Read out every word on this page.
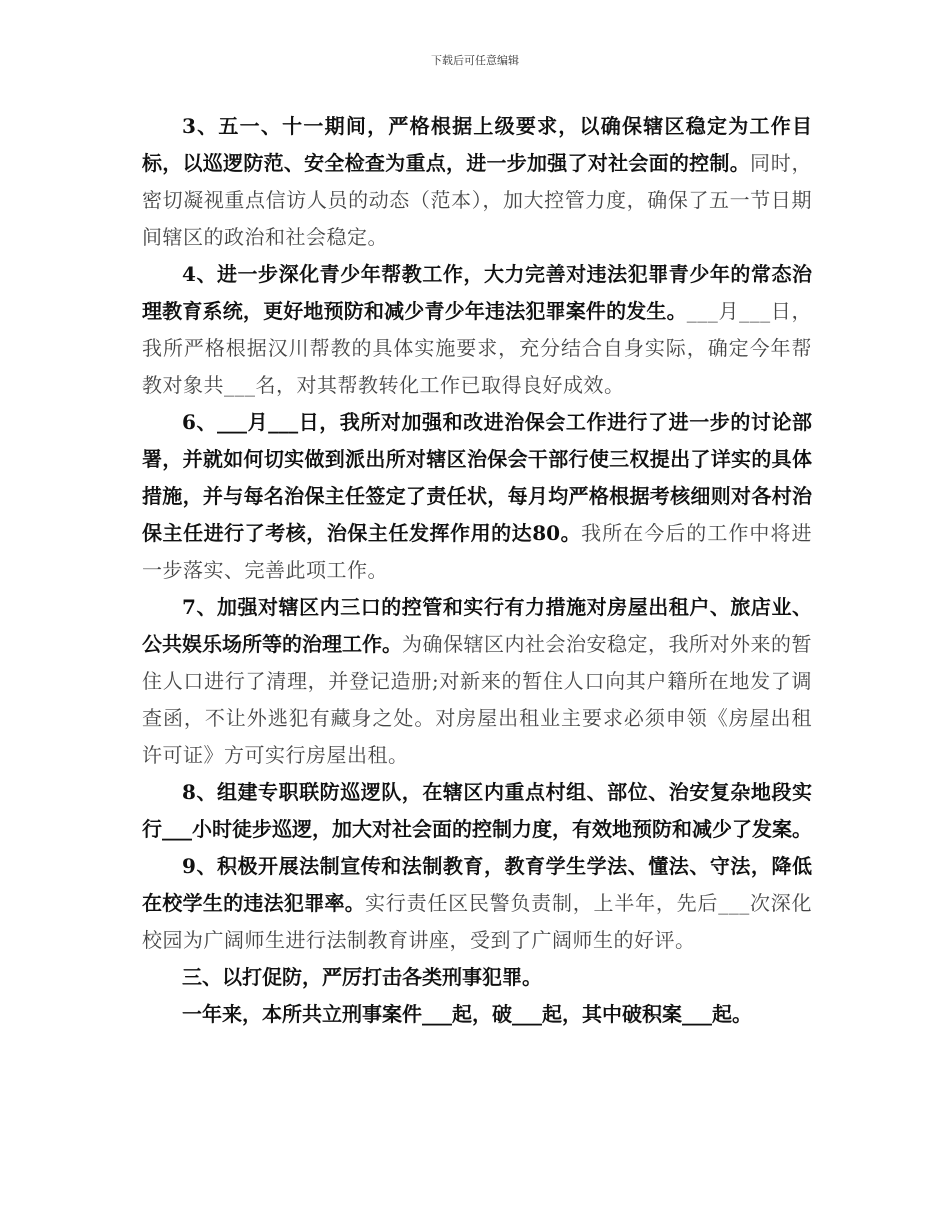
下载后可任意编辑

3、五一、十一期间，严格根据上级要求，以确保辖区稳定为工作目标，以巡逻防范、安全检查为重点，进一步加强了对社会面的控制。同时，密切凝视重点信访人员的动态（范本），加大控管力度，确保了五一节日期间辖区的政治和社会稳定。

4、进一步深化青少年帮教工作，大力完善对违法犯罪青少年的常态治理教育系统，更好地预防和减少青少年违法犯罪案件的发生。___月___日，我所严格根据汉川帮教的具体实施要求，充分结合自身实际，确定今年帮教对象共___名，对其帮教转化工作已取得良好成效。

6、___月___日，我所对加强和改进治保会工作进行了进一步的讨论部署，并就如何切实做到派出所对辖区治保会干部行使三权提出了详实的具体措施，并与每名治保主任签定了责任状，每月均严格根据考核细则对各村治保主任进行了考核，治保主任发挥作用的达80。我所在今后的工作中将进一步落实、完善此项工作。

7、加强对辖区内三口的控管和实行有力措施对房屋出租户、旅店业、公共娱乐场所等的治理工作。为确保辖区内社会治安稳定，我所对外来的暂住人口进行了清理，并登记造册;对新来的暂住人口向其户籍所在地发了调查函，不让外逃犯有藏身之处。对房屋出租业主要求必须申领《房屋出租许可证》方可实行房屋出租。

8、组建专职联防巡逻队，在辖区内重点村组、部位、治安复杂地段实行___小时徒步巡逻，加大对社会面的控制力度，有效地预防和减少了发案。

9、积极开展法制宣传和法制教育，教育学生学法、懂法、守法，降低在校学生的违法犯罪率。实行责任区民警负责制，上半年，先后___次深化校园为广阔师生进行法制教育讲座，受到了广阔师生的好评。

三、以打促防，严厉打击各类刑事犯罪。

一年来，本所共立刑事案件___起，破___起，其中破积案___起。
